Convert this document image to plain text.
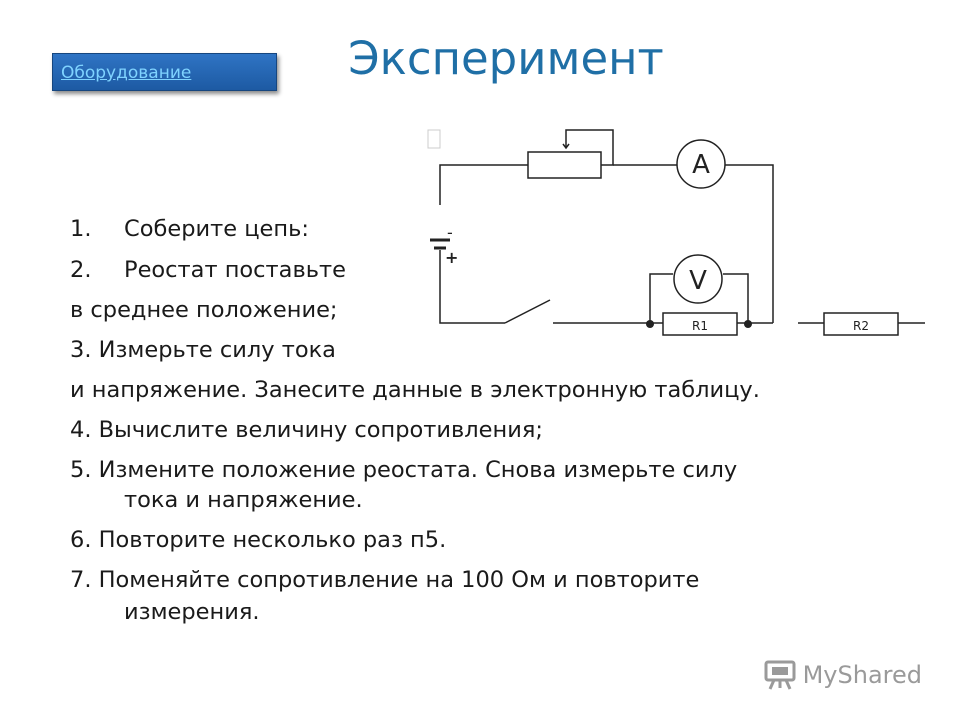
Оборудование	Эксперимент

1. Соберите цепь:

2. Реостат поставьте

в среднее положение;

3. Измерьте силу тока

и напряжение. Занесите данные в электронную таблицу.

4. Вычислите величину сопротивления;

5. Измените положение реостата. Снова измерьте силу

тока и напряжение.

6. Повторите несколько раз п5.

7. Поменяйте сопротивление на 100 Ом и повторите

измерения.

A
V
-
+
R1	R2
MyShared
